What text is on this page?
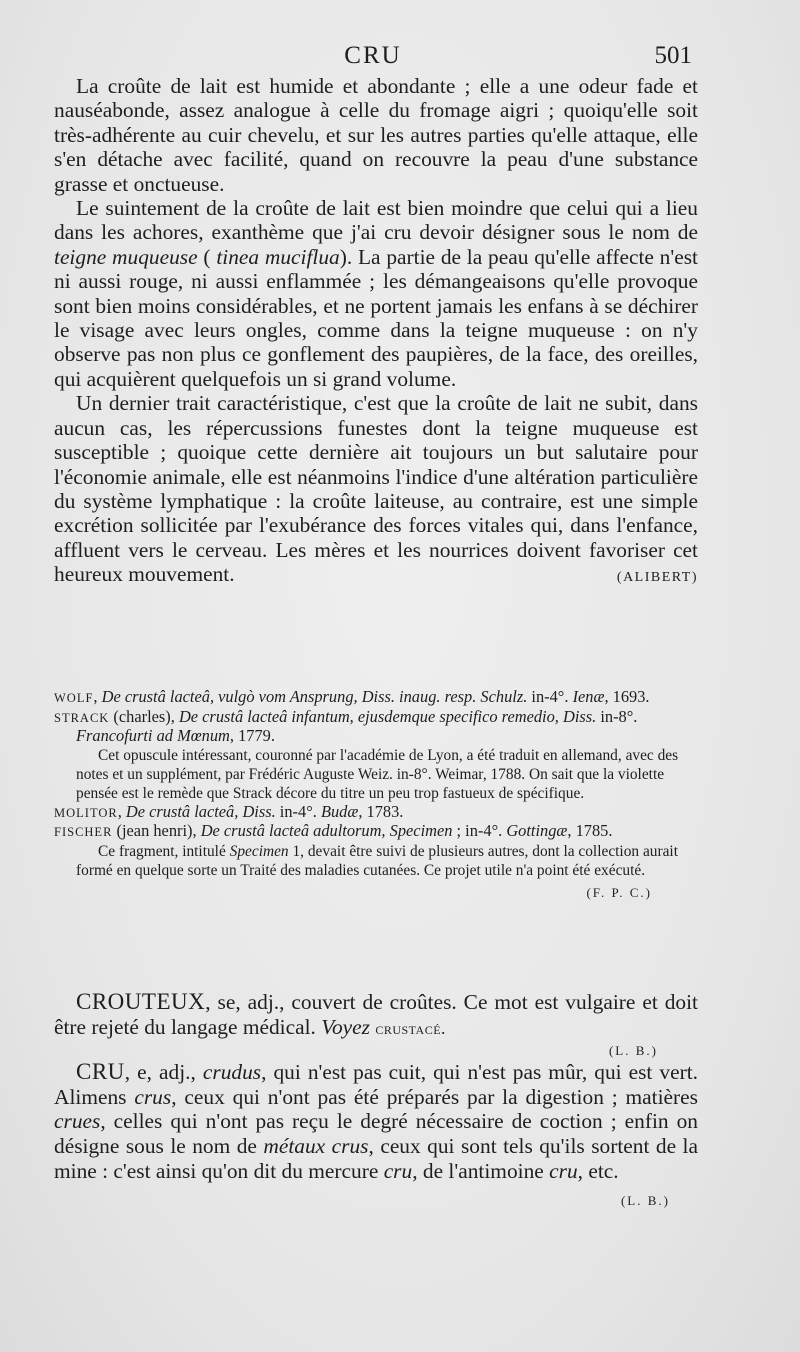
CRU	501

La croûte de lait est humide et abondante ; elle a une odeur fade et nauséabonde, assez analogue à celle du fromage aigri ; quoiqu'elle soit très-adhérente au cuir chevelu, et sur les autres parties qu'elle attaque, elle s'en détache avec facilité, quand on recouvre la peau d'une substance grasse et onctueuse.

Le suintement de la croûte de lait est bien moindre que celui qui a lieu dans les achores, exanthème que j'ai cru devoir désigner sous le nom de teigne muqueuse ( tinea muciflua). La partie de la peau qu'elle affecte n'est ni aussi rouge, ni aussi enflammée ; les démangeaisons qu'elle provoque sont bien moins considérables, et ne portent jamais les enfans à se déchirer le visage avec leurs ongles, comme dans la teigne muqueuse : on n'y observe pas non plus ce gonflement des paupières, de la face, des oreilles, qui acquièrent quelquefois un si grand volume.

Un dernier trait caractéristique, c'est que la croûte de lait ne subit, dans aucun cas, les répercussions funestes dont la teigne muqueuse est susceptible ; quoique cette dernière ait toujours un but salutaire pour l'économie animale, elle est néanmoins l'indice d'une altération particulière du système lymphatique : la croûte laiteuse, au contraire, est une simple excrétion sollicitée par l'exubérance des forces vitales qui, dans l'enfance, affluent vers le cerveau. Les mères et les nourrices doivent favoriser cet heureux mouvement.	(ALIBERT)

WOLF, De crustâ lacteâ, vulgò vom Ansprung, Diss. inaug. resp. Schulz. in-4°. Ienæ, 1693.

STRACK (charles), De crustâ lacteâ infantum, ejusdemque specifico remedio, Diss. in-8°. Francofurti ad Mœnum, 1779.

Cet opuscule intéressant, couronné par l'académie de Lyon, a été traduit en allemand, avec des notes et un supplément, par Frédéric Auguste Weiz. in-8°. Weimar, 1788. On sait que la violette pensée est le remède que Strack décore du titre un peu trop fastueux de spécifique.

MOLITOR, De crustâ lacteâ, Diss. in-4°. Budæ, 1783.

FISCHER (jean henri), De crustâ lacteâ adultorum, Specimen ; in-4°. Gottingæ, 1785.

Ce fragment, intitulé Specimen 1, devait être suivi de plusieurs autres, dont la collection aurait formé en quelque sorte un Traité des maladies cutanées. Ce projet utile n'a point été exécuté.

(F. P. C.)

CROUTEUX, se, adj., couvert de croûtes. Ce mot est vulgaire et doit être rejeté du langage médical. Voyez crustacé.

(L. B.)

CRU, e, adj., crudus, qui n'est pas cuit, qui n'est pas mûr, qui est vert. Alimens crus, ceux qui n'ont pas été préparés par la digestion ; matières crues, celles qui n'ont pas reçu le degré nécessaire de coction ; enfin on désigne sous le nom de métaux crus, ceux qui sont tels qu'ils sortent de la mine : c'est ainsi qu'on dit du mercure cru, de l'antimoine cru, etc.
(L. B.)
